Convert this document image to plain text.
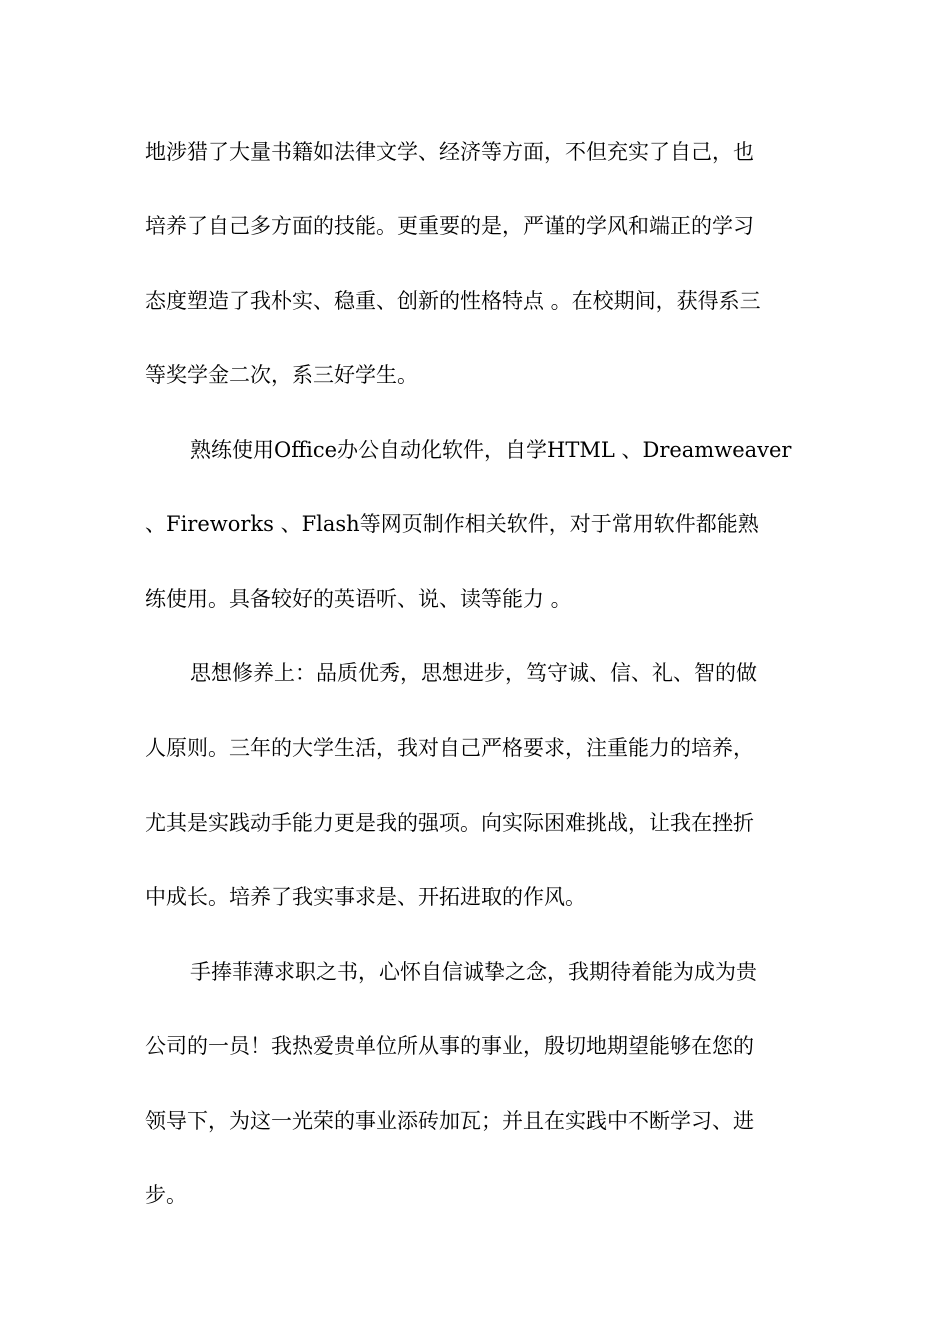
地涉猎了大量书籍如法律文学、经济等方面，不但充实了自己，也
培养了自己多方面的技能。更重要的是，严谨的学风和端正的学习
态度塑造了我朴实、稳重、创新的性格特点 。在校期间，获得系三
等奖学金二次，系三好学生。
熟练使用Office办公自动化软件，自学HTML 、Dreamweaver
、Fireworks 、Flash等网页制作相关软件，对于常用软件都能熟
练使用。具备较好的英语听、说、读等能力 。
思想修养上：品质优秀，思想进步，笃守诚、信、礼、智的做
人原则。三年的大学生活，我对自己严格要求，注重能力的培养，
尤其是实践动手能力更是我的强项。向实际困难挑战，让我在挫折
中成长。培养了我实事求是、开拓进取的作风。
手捧菲薄求职之书，心怀自信诚挚之念，我期待着能为成为贵
公司的一员！我热爱贵单位所从事的事业，殷切地期望能够在您的
领导下，为这一光荣的事业添砖加瓦；并且在实践中不断学习、进
步。
